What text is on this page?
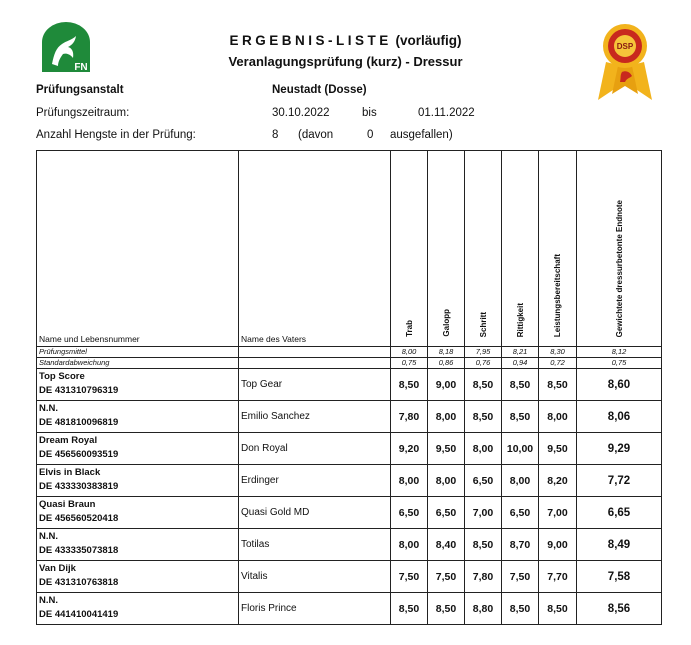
FN
DSP
ERGEBNIS-LISTE (vorläufig)
Veranlagungsprüfung (kurz) - Dressur
Prüfungsanstalt	Neustadt (Dosse)
Prüfungszeitraum:	30.10.2022	bis	01.11.2022
Anzahl Hengste in der Prüfung:	8 (davon	0 ausgefallen)
Name und Lebensnummer	Name des Vaters	Trab	Galopp	Schritt	Rittigkeit	Leistungsbereitschaft	Gewichtete dressurbetonte Endnote
Prüfungsmittel		8,00	8,18	7,95	8,21	8,30	8,12
Standardabweichung		0,75	0,86	0,76	0,94	0,72	0,75

Top Score
DE 431310796319	Top Gear	8,50	9,00	8,50	8,50	8,50	8,60

N.N.
DE 481810096819	Emilio Sanchez	7,80	8,00	8,50	8,50	8,00	8,06

Dream Royal
DE 456560093519	Don Royal	9,20	9,50	8,00	10,00	9,50	9,29

Elvis in Black
DE 433330383819	Erdinger	8,00	8,00	6,50	8,00	8,20	7,72

Quasi Braun
DE 456560520418	Quasi Gold MD	6,50	6,50	7,00	6,50	7,00	6,65

N.N.
DE 433335073818	Totilas	8,00	8,40	8,50	8,70	9,00	8,49

Van Dijk
DE 431310763818	Vitalis	7,50	7,50	7,80	7,50	7,70	7,58

N.N.
DE 441410041419	Floris Prince	8,50	8,50	8,80	8,50	8,50	8,56
